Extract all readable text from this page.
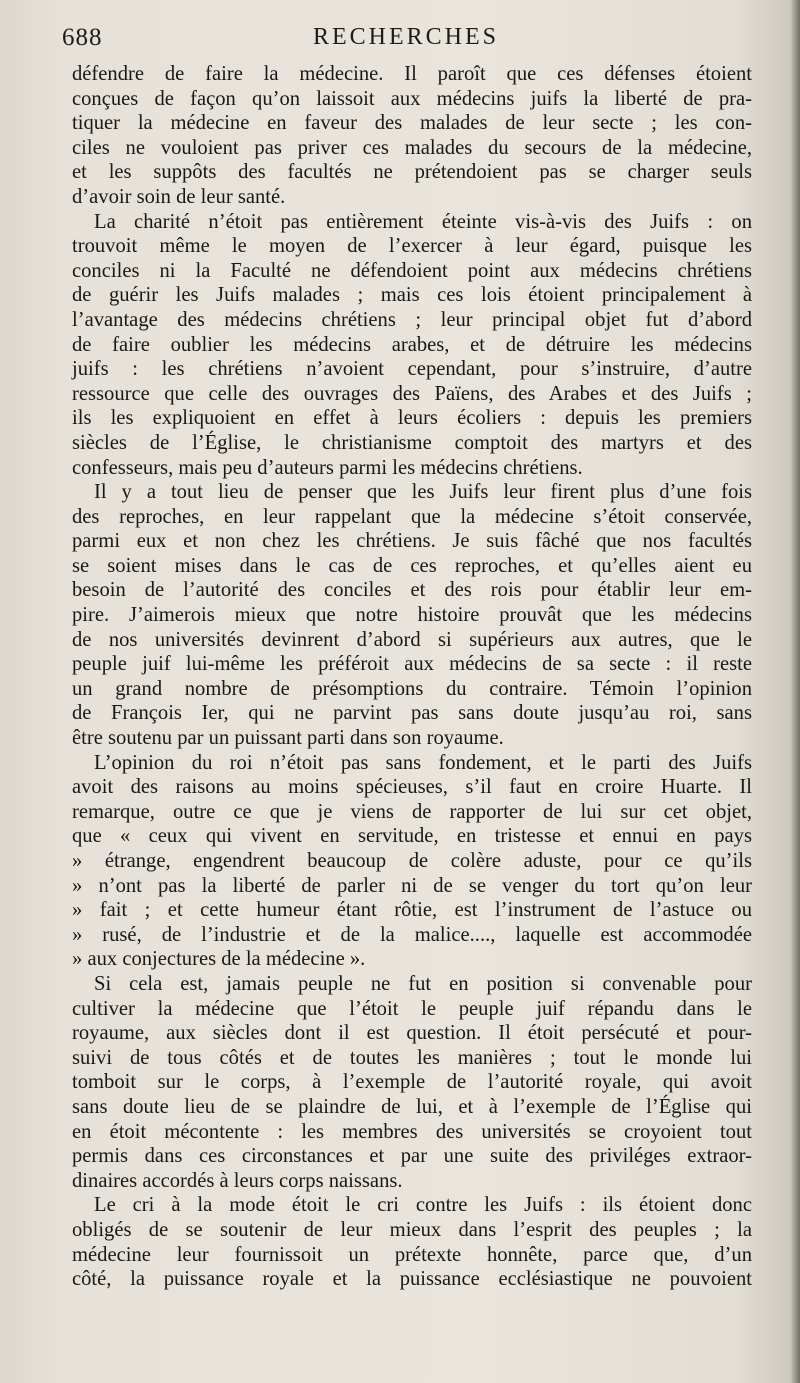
688	RECHERCHES
défendre de faire la médecine. Il paroît que ces défenses étoient
conçues de façon qu’on laissoit aux médecins juifs la liberté de pra-
tiquer la médecine en faveur des malades de leur secte ; les con-
ciles ne vouloient pas priver ces malades du secours de la médecine,
et les suppôts des facultés ne prétendoient pas se charger seuls
d’avoir soin de leur santé.
La charité n’étoit pas entièrement éteinte vis-à-vis des Juifs : on
trouvoit même le moyen de l’exercer à leur égard, puisque les
conciles ni la Faculté ne défendoient point aux médecins chrétiens
de guérir les Juifs malades ; mais ces lois étoient principalement à
l’avantage des médecins chrétiens ; leur principal objet fut d’abord
de faire oublier les médecins arabes, et de détruire les médecins
juifs : les chrétiens n’avoient cependant, pour s’instruire, d’autre
ressource que celle des ouvrages des Païens, des Arabes et des Juifs ;
ils les expliquoient en effet à leurs écoliers : depuis les premiers
siècles de l’Église, le christianisme comptoit des martyrs et des
confesseurs, mais peu d’auteurs parmi les médecins chrétiens.
Il y a tout lieu de penser que les Juifs leur firent plus d’une fois
des reproches, en leur rappelant que la médecine s’étoit conservée,
parmi eux et non chez les chrétiens. Je suis fâché que nos facultés
se soient mises dans le cas de ces reproches, et qu’elles aient eu
besoin de l’autorité des conciles et des rois pour établir leur em-
pire. J’aimerois mieux que notre histoire prouvât que les médecins
de nos universités devinrent d’abord si supérieurs aux autres, que le
peuple juif lui-même les préféroit aux médecins de sa secte : il reste
un grand nombre de présomptions du contraire. Témoin l’opinion
de François Ier, qui ne parvint pas sans doute jusqu’au roi, sans
être soutenu par un puissant parti dans son royaume.
L’opinion du roi n’étoit pas sans fondement, et le parti des Juifs
avoit des raisons au moins spécieuses, s’il faut en croire Huarte. Il
remarque, outre ce que je viens de rapporter de lui sur cet objet,
que « ceux qui vivent en servitude, en tristesse et ennui en pays
» étrange, engendrent beaucoup de colère aduste, pour ce qu’ils
» n’ont pas la liberté de parler ni de se venger du tort qu’on leur
» fait ; et cette humeur étant rôtie, est l’instrument de l’astuce ou
» rusé, de l’industrie et de la malice...., laquelle est accommodée
» aux conjectures de la médecine ».
Si cela est, jamais peuple ne fut en position si convenable pour
cultiver la médecine que l’étoit le peuple juif répandu dans le
royaume, aux siècles dont il est question. Il étoit persécuté et pour-
suivi de tous côtés et de toutes les manières ; tout le monde lui
tomboit sur le corps, à l’exemple de l’autorité royale, qui avoit
sans doute lieu de se plaindre de lui, et à l’exemple de l’Église qui
en étoit mécontente : les membres des universités se croyoient tout
permis dans ces circonstances et par une suite des priviléges extraor-
dinaires accordés à leurs corps naissans.
Le cri à la mode étoit le cri contre les Juifs : ils étoient donc
obligés de se soutenir de leur mieux dans l’esprit des peuples ; la
médecine leur fournissoit un prétexte honnête, parce que, d’un
côté, la puissance royale et la puissance ecclésiastique ne pouvoient
